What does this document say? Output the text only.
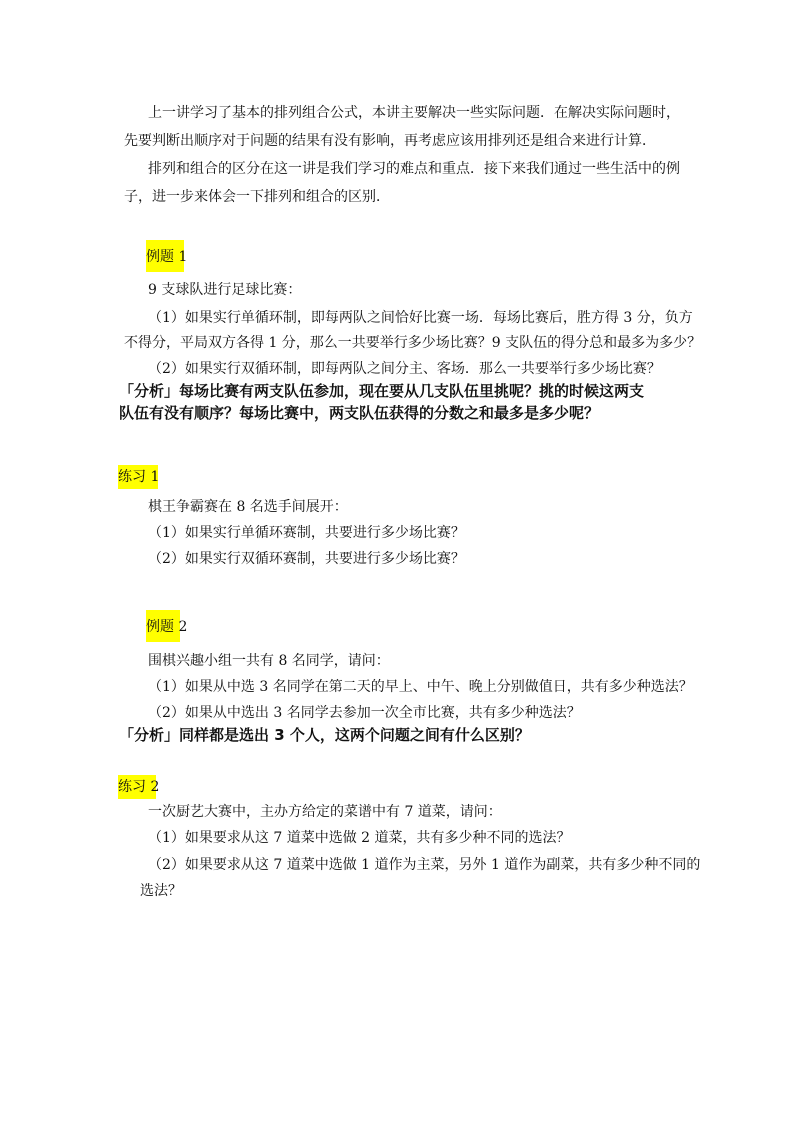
上一讲学习了基本的排列组合公式，本讲主要解决一些实际问题．在解决实际问题时，
先要判断出顺序对于问题的结果有没有影响，再考虑应该用排列还是组合来进行计算．
排列和组合的区分在这一讲是我们学习的难点和重点．接下来我们通过一些生活中的例
子，进一步来体会一下排列和组合的区别．
例题 1
9 支球队进行足球比赛：
（1）如果实行单循环制，即每两队之间恰好比赛一场．每场比赛后，胜方得 3 分，负方
不得分，平局双方各得 1 分，那么一共要举行多少场比赛？9 支队伍的得分总和最多为多少？
（2）如果实行双循环制，即每两队之间分主、客场．那么一共要举行多少场比赛？
「分析」每场比赛有两支队伍参加，现在要从几支队伍里挑呢？挑的时候这两支
队伍有没有顺序？每场比赛中，两支队伍获得的分数之和最多是多少呢？
练习 1
棋王争霸赛在 8 名选手间展开：
（1）如果实行单循环赛制，共要进行多少场比赛？
（2）如果实行双循环赛制，共要进行多少场比赛？
例题 2
围棋兴趣小组一共有 8 名同学，请问：
（1）如果从中选 3 名同学在第二天的早上、中午、晚上分别做值日，共有多少种选法？
（2）如果从中选出 3 名同学去参加一次全市比赛，共有多少种选法？
「分析」同样都是选出 3 个人，这两个问题之间有什么区别？
练习 2
一次厨艺大赛中，主办方给定的菜谱中有 7 道菜，请问：
（1）如果要求从这 7 道菜中选做 2 道菜，共有多少种不同的选法？
（2）如果要求从这 7 道菜中选做 1 道作为主菜，另外 1 道作为副菜，共有多少种不同的
选法？
